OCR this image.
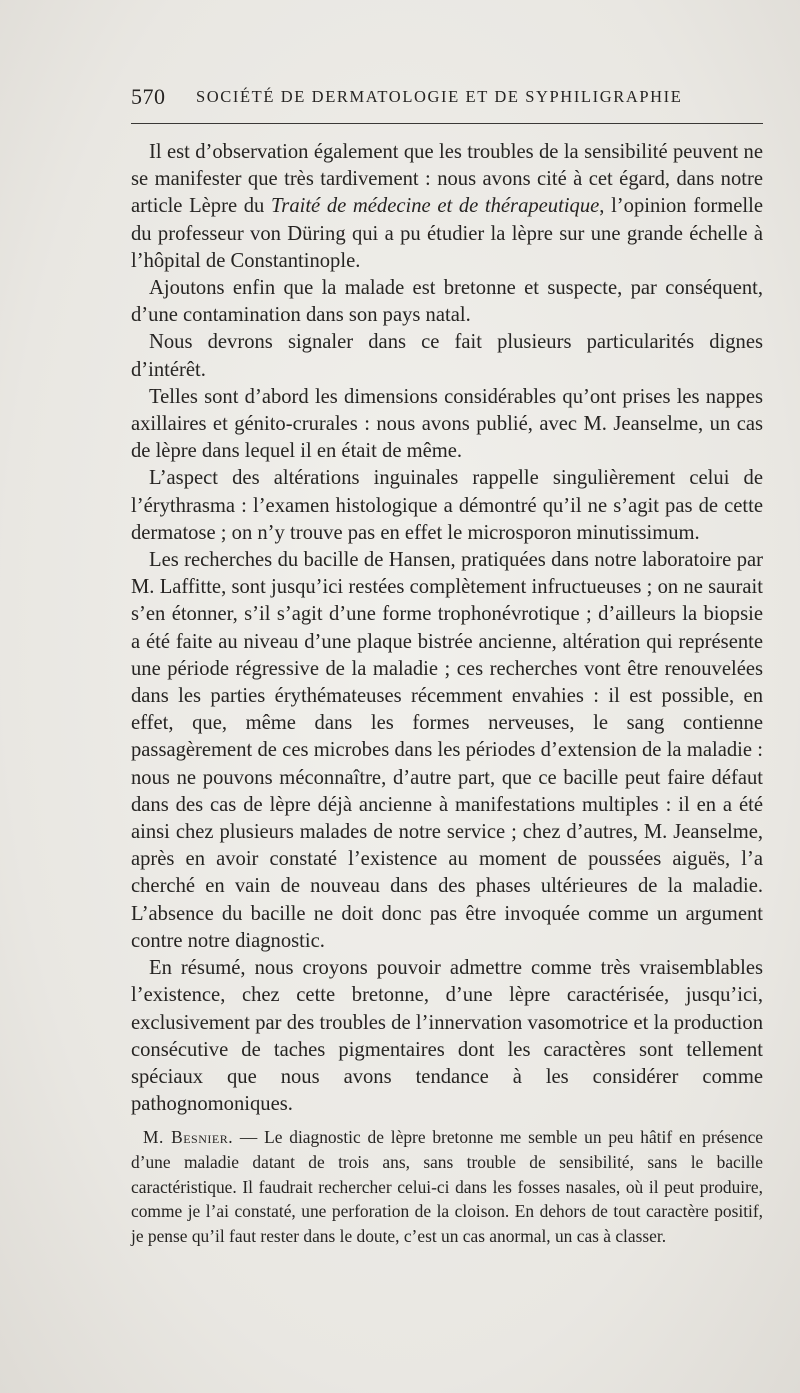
570 SOCIÉTÉ DE DERMATOLOGIE ET DE SYPHILIGRAPHIE

Il est d’observation également que les troubles de la sensibilité peuvent ne se manifester que très tardivement : nous avons cité à cet égard, dans notre article Lèpre du Traité de médecine et de thérapeutique, l’opinion formelle du professeur von Düring qui a pu étudier la lèpre sur une grande échelle à l’hôpital de Constantinople.

Ajoutons enfin que la malade est bretonne et suspecte, par conséquent, d’une contamination dans son pays natal.

Nous devrons signaler dans ce fait plusieurs particularités dignes d’intérêt.

Telles sont d’abord les dimensions considérables qu’ont prises les nappes axillaires et génito-crurales : nous avons publié, avec M. Jeanselme, un cas de lèpre dans lequel il en était de même.

L’aspect des altérations inguinales rappelle singulièrement celui de l’érythrasma : l’examen histologique a démontré qu’il ne s’agit pas de cette dermatose ; on n’y trouve pas en effet le microsporon minutissimum.

Les recherches du bacille de Hansen, pratiquées dans notre laboratoire par M. Laffitte, sont jusqu’ici restées complètement infructueuses ; on ne saurait s’en étonner, s’il s’agit d’une forme trophonévrotique ; d’ailleurs la biopsie a été faite au niveau d’une plaque bistrée ancienne, altération qui représente une période régressive de la maladie ; ces recherches vont être renouvelées dans les parties érythémateuses récemment envahies : il est possible, en effet, que, même dans les formes nerveuses, le sang contienne passagèrement de ces microbes dans les périodes d’extension de la maladie : nous ne pouvons méconnaître, d’autre part, que ce bacille peut faire défaut dans des cas de lèpre déjà ancienne à manifestations multiples : il en a été ainsi chez plusieurs malades de notre service ; chez d’autres, M. Jeanselme, après en avoir constaté l’existence au moment de poussées aiguës, l’a cherché en vain de nouveau dans des phases ultérieures de la maladie. L’absence du bacille ne doit donc pas être invoquée comme un argument contre notre diagnostic.

En résumé, nous croyons pouvoir admettre comme très vraisemblables l’existence, chez cette bretonne, d’une lèpre caractérisée, jusqu’ici, exclusivement par des troubles de l’innervation vasomotrice et la production consécutive de taches pigmentaires dont les caractères sont tellement spéciaux que nous avons tendance à les considérer comme pathognomoniques.

M. Besnier. — Le diagnostic de lèpre bretonne me semble un peu hâtif en présence d’une maladie datant de trois ans, sans trouble de sensibilité, sans le bacille caractéristique. Il faudrait rechercher celui-ci dans les fosses nasales, où il peut produire, comme je l’ai constaté, une perforation de la cloison. En dehors de tout caractère positif, je pense qu’il faut rester dans le doute, c’est un cas anormal, un cas à classer.
